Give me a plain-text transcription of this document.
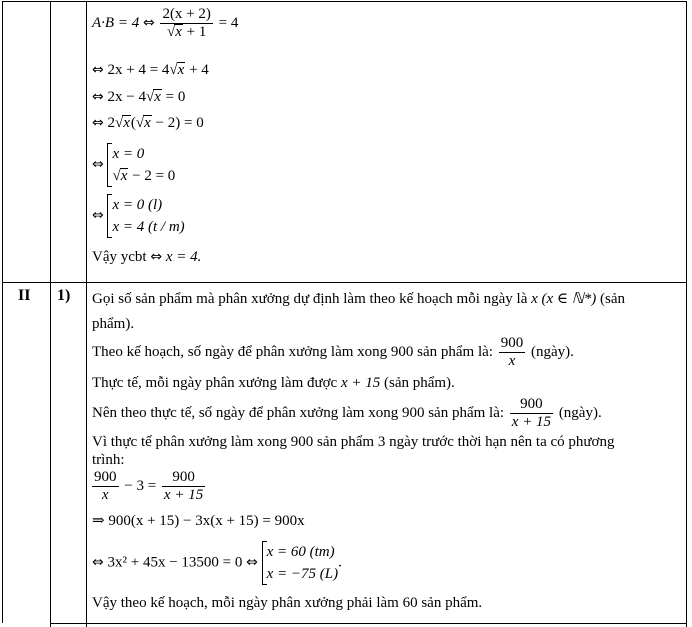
A·B = 4 ⇔ $\frac{2(x + 2)}{√x + 1} = 4$
⇔ 2x + 4 = 4√x + 4
⇔ 2x − 4√x = 0
⇔ 2√x(√x − 2) = 0
⇔
x = 0
√x − 2 = 0
⇔
x = 0 (l)
x = 4 (t / m)
Vậy ycbt ⇔ x = 4.
II 1) Gọi số sản phẩm mà phân xưởng dự định làm theo kế hoạch mỗi ngày là x (x ∈ ℕ*) (sản
phẩm).
Theo kế hoạch, số ngày để phân xưởng làm xong 900 sản phẩm là: $\frac{900}{x}$ (ngày).
Thực tế, mỗi ngày phân xưởng làm được x + 15 (sản phẩm).
Nên theo thực tế, số ngày để phân xưởng làm xong 900 sản phẩm là: $\frac{900}{x + 15}$ (ngày).
Vì thực tế phân xưởng làm xong 900 sản phẩm 3 ngày trước thời hạn nên ta có phương
trình:
$\frac{900}{x} - 3 = \frac{900}{x + 15}$
⇒ 900(x + 15) − 3x(x + 15) = 900x
⇔ 3x² + 45x − 13500 = 0 ⇔
x = 60 (tm)
x = −75 (L)
.
Vậy theo kế hoạch, mỗi ngày phân xưởng phải làm 60 sản phẩm.
